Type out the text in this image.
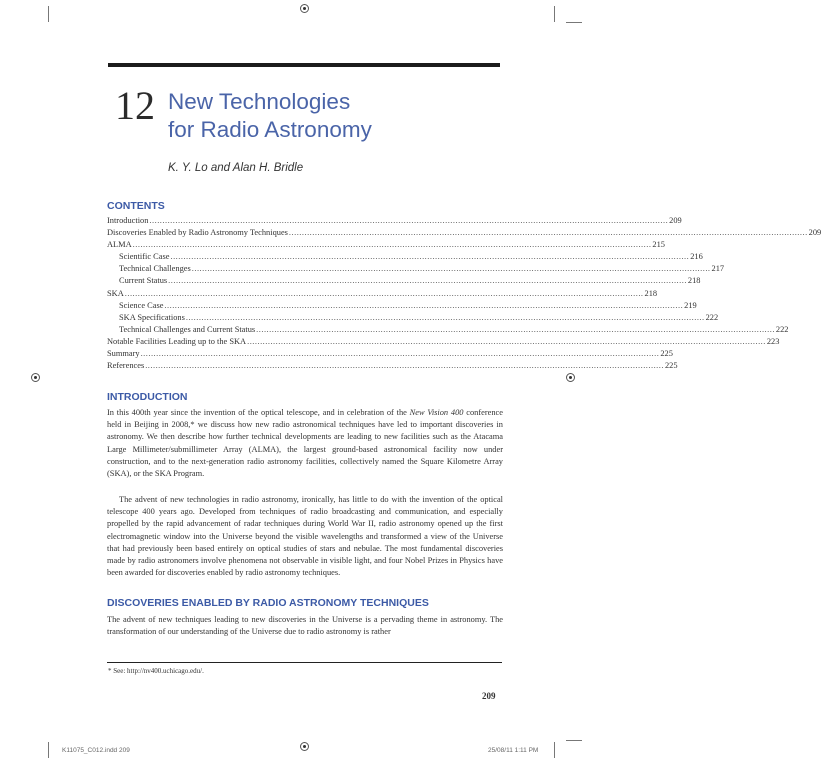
12 New Technologies
for Radio Astronomy
K. Y. Lo and Alan H. Bridle
CONTENTS
Introduction ........................................................................................................................................................................................................ 209
Discoveries Enabled by Radio Astronomy Techniques ........................................................................................................................................................................................................ 209
ALMA ........................................................................................................................................................................................................ 215
Scientific Case ........................................................................................................................................................................................................ 216
Technical Challenges ........................................................................................................................................................................................................ 217
Current Status ........................................................................................................................................................................................................ 218
SKA ........................................................................................................................................................................................................ 218
Science Case ........................................................................................................................................................................................................ 219
SKA Specifications ........................................................................................................................................................................................................ 222
Technical Challenges and Current Status ........................................................................................................................................................................................................ 222
Notable Facilities Leading up to the SKA ........................................................................................................................................................................................................ 223
Summary ........................................................................................................................................................................................................ 225
References ........................................................................................................................................................................................................ 225
INTRODUCTION

In this 400th year since the invention of the optical telescope, and in celebration of the New Vision 400 conference held in Beijing in 2008,* we discuss how new radio astronomical techniques have led to important discoveries in astronomy. We then describe how further technical developments are leading to new facilities such as the Atacama Large Millimeter/submillimeter Array (ALMA), the largest ground-based astronomical facility now under construction, and to the next-generation radio astronomy facilities, collectively named the Square Kilometre Array (SKA), or the SKA Program.

The advent of new technologies in radio astronomy, ironically, has little to do with the invention of the optical telescope 400 years ago. Developed from techniques of radio broadcasting and communication, and especially propelled by the rapid advancement of radar techniques during World War II, radio astronomy opened up the first electromagnetic window into the Universe beyond the visible wavelengths and transformed a view of the Universe that had previously been based entirely on optical studies of stars and nebulae. The most fundamental discoveries made by radio astronomers involve phenomena not observable in visible light, and four Nobel Prizes in Physics have been awarded for discoveries enabled by radio astronomy techniques.

DISCOVERIES ENABLED BY RADIO ASTRONOMY TECHNIQUES

The advent of new techniques leading to new discoveries in the Universe is a pervading theme in astronomy. The transformation of our understanding of the Universe due to radio astronomy is rather

* See: http://nv400.uchicago.edu/.
209
K11075_C012.indd 209	25/08/11 1:11 PM
